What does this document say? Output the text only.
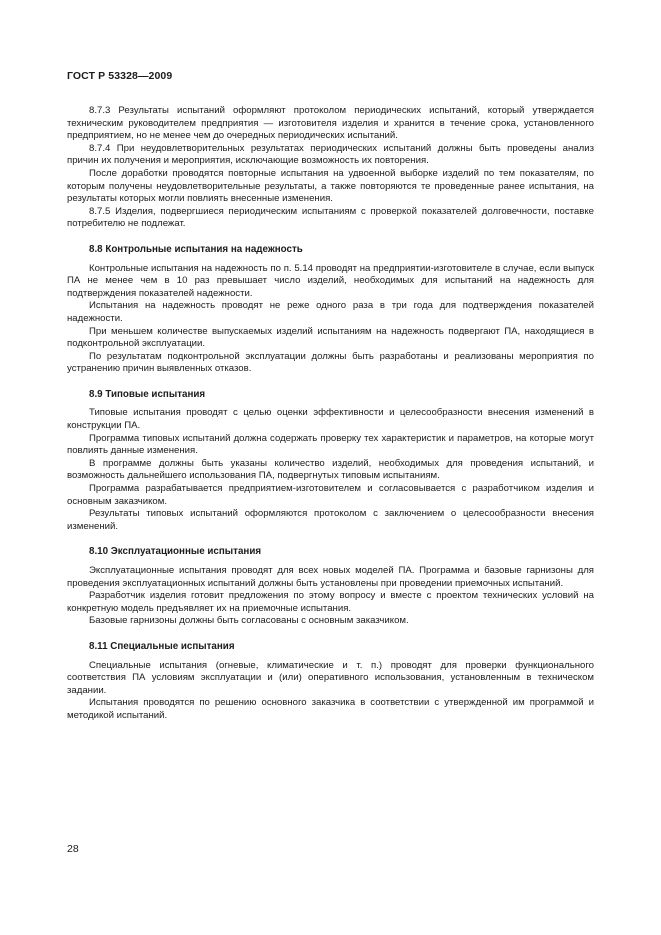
ГОСТ Р 53328—2009

8.7.3 Результаты испытаний оформляют протоколом периодических испытаний, который утверждается техническим руководителем предприятия — изготовителя изделия и хранится в течение срока, установленного предприятием, но не менее чем до очередных периодических испытаний.

8.7.4 При неудовлетворительных результатах периодических испытаний должны быть проведены анализ причин их получения и мероприятия, исключающие возможность их повторения.

После доработки проводятся повторные испытания на удвоенной выборке изделий по тем показателям, по которым получены неудовлетворительные результаты, а также повторяются те проведенные ранее испытания, на результаты которых могли повлиять внесенные изменения.

8.7.5 Изделия, подвергшиеся периодическим испытаниям с проверкой показателей долговечности, поставке потребителю не подлежат.

8.8 Контрольные испытания на надежность

Контрольные испытания на надежность по п. 5.14 проводят на предприятии-изготовителе в случае, если выпуск ПА не менее чем в 10 раз превышает число изделий, необходимых для испытаний на надежность для подтверждения показателей надежности.

Испытания на надежность проводят не реже одного раза в три года для подтверждения показателей надежности.

При меньшем количестве выпускаемых изделий испытаниям на надежность подвергают ПА, находящиеся в подконтрольной эксплуатации.

По результатам подконтрольной эксплуатации должны быть разработаны и реализованы мероприятия по устранению причин выявленных отказов.

8.9 Типовые испытания

Типовые испытания проводят с целью оценки эффективности и целесообразности внесения изменений в конструкции ПА.

Программа типовых испытаний должна содержать проверку тех характеристик и параметров, на которые могут повлиять данные изменения.

В программе должны быть указаны количество изделий, необходимых для проведения испытаний, и возможность дальнейшего использования ПА, подвергнутых типовым испытаниям.

Программа разрабатывается предприятием-изготовителем и согласовывается с разработчиком изделия и основным заказчиком.

Результаты типовых испытаний оформляются протоколом с заключением о целесообразности внесения изменений.

8.10 Эксплуатационные испытания

Эксплуатационные испытания проводят для всех новых моделей ПА. Программа и базовые гарнизоны для проведения эксплуатационных испытаний должны быть установлены при проведении приемочных испытаний.

Разработчик изделия готовит предложения по этому вопросу и вместе с проектом технических условий на конкретную модель предъявляет их на приемочные испытания.

Базовые гарнизоны должны быть согласованы с основным заказчиком.

8.11 Специальные испытания

Специальные испытания (огневые, климатические и т. п.) проводят для проверки функционального соответствия ПА условиям эксплуатации и (или) оперативного использования, установленным в техническом задании.

Испытания проводятся по решению основного заказчика в соответствии с утвержденной им программой и методикой испытаний.

28
